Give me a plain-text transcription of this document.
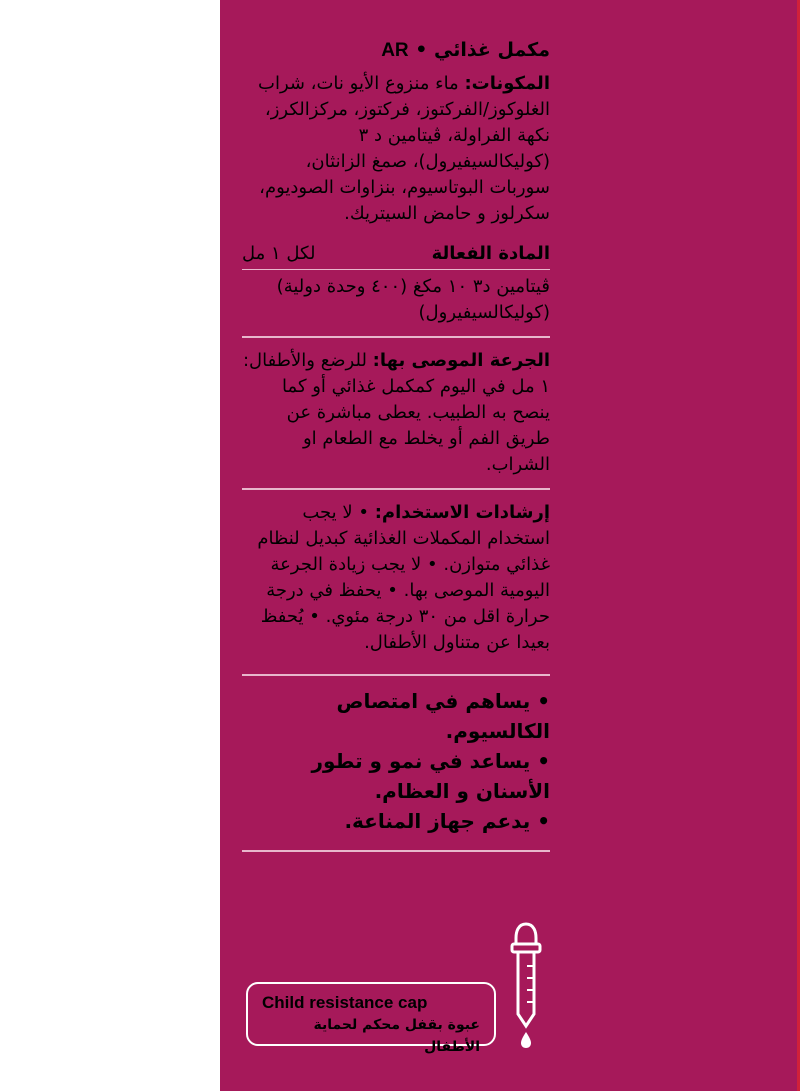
مكمل غذائي • AR

المكونات: ماء منزوع الأيو نات، شراب الغلوكوز/الفركتوز، فركتوز، مركزالكرز، نكهة الفراولة، ڤيتامين د ٣ (كوليكالسيفيرول)، صمغ الزانثان، سوربات البوتاسيوم، بنزاوات الصوديوم، سكرلوز و حامض السيتريك.

المادة الفعالة
لكل ١ مل

ڤيتامين د٣ ١٠ مكغ (٤٠٠ وحدة دولية)

(كوليكالسيفيرول)

الجرعة الموصى بها: للرضع والأطفال: ١ مل في اليوم كمكمل غذائي أو كما ينصح به الطبيب. يعطى مباشرة عن طريق الفم أو يخلط مع الطعام او الشراب.

إرشادات الاستخدام: • لا يجب استخدام المكملات الغذائية كبديل لنظام غذائي متوازن. • لا يجب زيادة الجرعة اليومية الموصى بها. • يحفظ في درجة حرارة اقل من ٣٠ درجة مئوي. • يُحفظ بعيدا عن متناول الأطفال.

• يساهم في امتصاص الكالسيوم.
• يساعد في نمو و تطور الأسنان و العظام.
• يدعم جهاز المناعة.
Child resistance cap
عبوة بقفل محكم لحماية الأطفال
